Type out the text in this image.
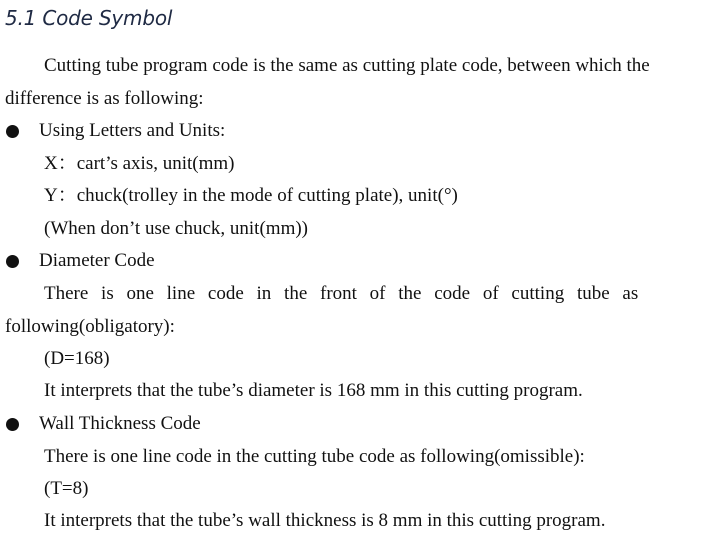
5.1 Code Symbol
Cutting tube program code is the same as cutting plate code, between which the
difference is as following:
Using Letters and Units:
X：cart’s axis, unit(mm)
Y：chuck(trolley in the mode of cutting plate), unit(°)
(When don’t use chuck, unit(mm))
Diameter Code
There is one line code in the front of the code of cutting tube as
following(obligatory):
(D=168)
It interprets that the tube’s diameter is 168 mm in this cutting program.
Wall Thickness Code
There is one line code in the cutting tube code as following(omissible):
(T=8)
It interprets that the tube’s wall thickness is 8 mm in this cutting program.
